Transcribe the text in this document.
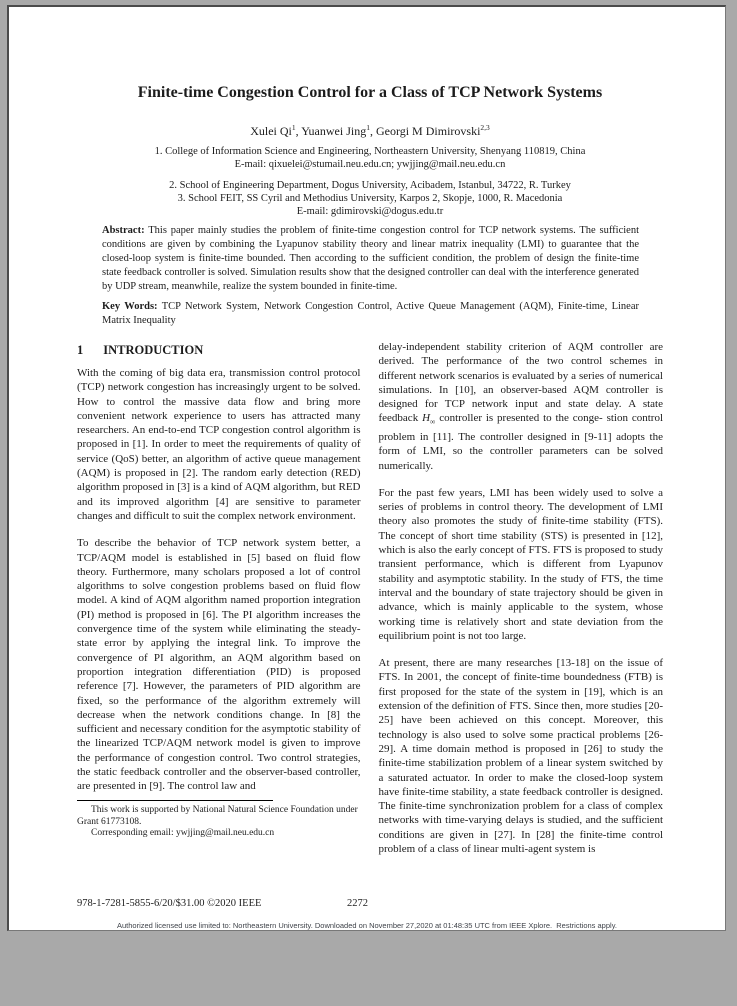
Finite-time Congestion Control for a Class of TCP Network Systems
Xulei Qi$^1$, Yuanwei Jing$^1$, Georgi M Dimirovski$^{2,3}$
1. College of Information Science and Engineering, Northeastern University, Shenyang 110819, China
E-mail: qixuelei@stumail.neu.edu.cn; ywjjing@mail.neu.edu.cn
2. School of Engineering Department, Dogus University, Acibadem, Istanbul, 34722, R. Turkey
3. School FEIT, SS Cyril and Methodius University, Karpos 2, Skopje, 1000, R. Macedonia
E-mail: gdimirovski@dogus.edu.tr

Abstract: This paper mainly studies the problem of finite-time congestion control for TCP network systems. The sufficient conditions are given by combining the Lyapunov stability theory and linear matrix inequality (LMI) to guarantee that the closed-loop system is finite-time bounded. Then according to the sufficient condition, the problem of design the finite-time state feedback controller is solved. Simulation results show that the designed controller can deal with the interference generated by UDP stream, meanwhile, realize the system bounded in finite-time.

Key Words: TCP Network System, Network Congestion Control, Active Queue Management (AQM), Finite-time, Linear Matrix Inequality

1 INTRODUCTION

With the coming of big data era, transmission control protocol (TCP) network congestion has increasingly urgent to be solved. How to control the massive data flow and bring more convenient network experience to users has attracted many researchers. An end-to-end TCP congestion control algorithm is proposed in [1]. In order to meet the requirements of quality of service (QoS) better, an algorithm of active queue management (AQM) is proposed in [2]. The random early detection (RED) algorithm proposed in [3] is a kind of AQM algorithm, but RED and its improved algorithm [4] are sensitive to parameter changes and difficult to suit the complex network environment.

To describe the behavior of TCP network system better, a TCP/AQM model is established in [5] based on fluid flow theory. Furthermore, many scholars proposed a lot of control algorithms to solve congestion problems based on fluid flow model. A kind of AQM algorithm named proportion integration (PI) method is proposed in [6]. The PI algorithm increases the convergence time of the system while eliminating the steady-state error by applying the integral link. To improve the convergence of PI algorithm, an AQM algorithm based on proportion integration differentiation (PID) is proposed reference [7]. However, the parameters of PID algorithm are fixed, so the performance of the algorithm extremely will decrease when the network conditions change. In [8] the sufficient and necessary condition for the asymptotic stability of the linearized TCP/AQM network model is given to improve the performance of congestion control. Two control strategies, the static feedback controller and the observer-based controller, are presented in [9]. The control law and

delay-independent stability criterion of AQM controller are derived. The performance of the two control schemes in different network scenarios is evaluated by a series of numerical simulations. In [10], an observer-based AQM controller is designed for TCP network input and state delay. A state feedback $H_\infty$ controller is presented to the conge- stion control problem in [11]. The controller designed in [9-11] adopts the form of LMI, so the controller parameters can be solved numerically.

For the past few years, LMI has been widely used to solve a series of problems in control theory. The development of LMI theory also promotes the study of finite-time stability (FTS). The concept of short time stability (STS) is presented in [12], which is also the early concept of FTS. FTS is proposed to study transient performance, which is different from Lyapunov stability and asymptotic stability. In the study of FTS, the time interval and the boundary of state trajectory should be given in advance, which is mainly applicable to the system, whose working time is relatively short and state deviation from the equilibrium point is not too large.

At present, there are many researches [13-18] on the issue of FTS. In 2001, the concept of finite-time boundedness (FTB) is first proposed for the state of the system in [19], which is an extension of the definition of FTS. Since then, more studies [20-25] have been achieved on this concept. Moreover, this technology is also used to solve some practical problems [26-29]. A time domain method is proposed in [26] to study the finite-time stabilization problem of a linear system switched by a saturated actuator. In order to make the closed-loop system have finite-time stability, a state feedback controller is designed. The finite-time synchronization problem for a class of complex networks with time-varying delays is studied, and the sufficient conditions are given in [27]. In [28] the finite-time control problem of a class of linear multi-agent system is

This work is supported by National Natural Science Foundation under Grant 61773108.

Corresponding email: ywjjing@mail.neu.edu.cn

978-1-7281-5855-6/20/$31.00 ©2020 IEEE	2272
Authorized licensed use limited to: Northeastern University. Downloaded on November 27,2020 at 01:48:35 UTC from IEEE Xplore.  Restrictions apply.
